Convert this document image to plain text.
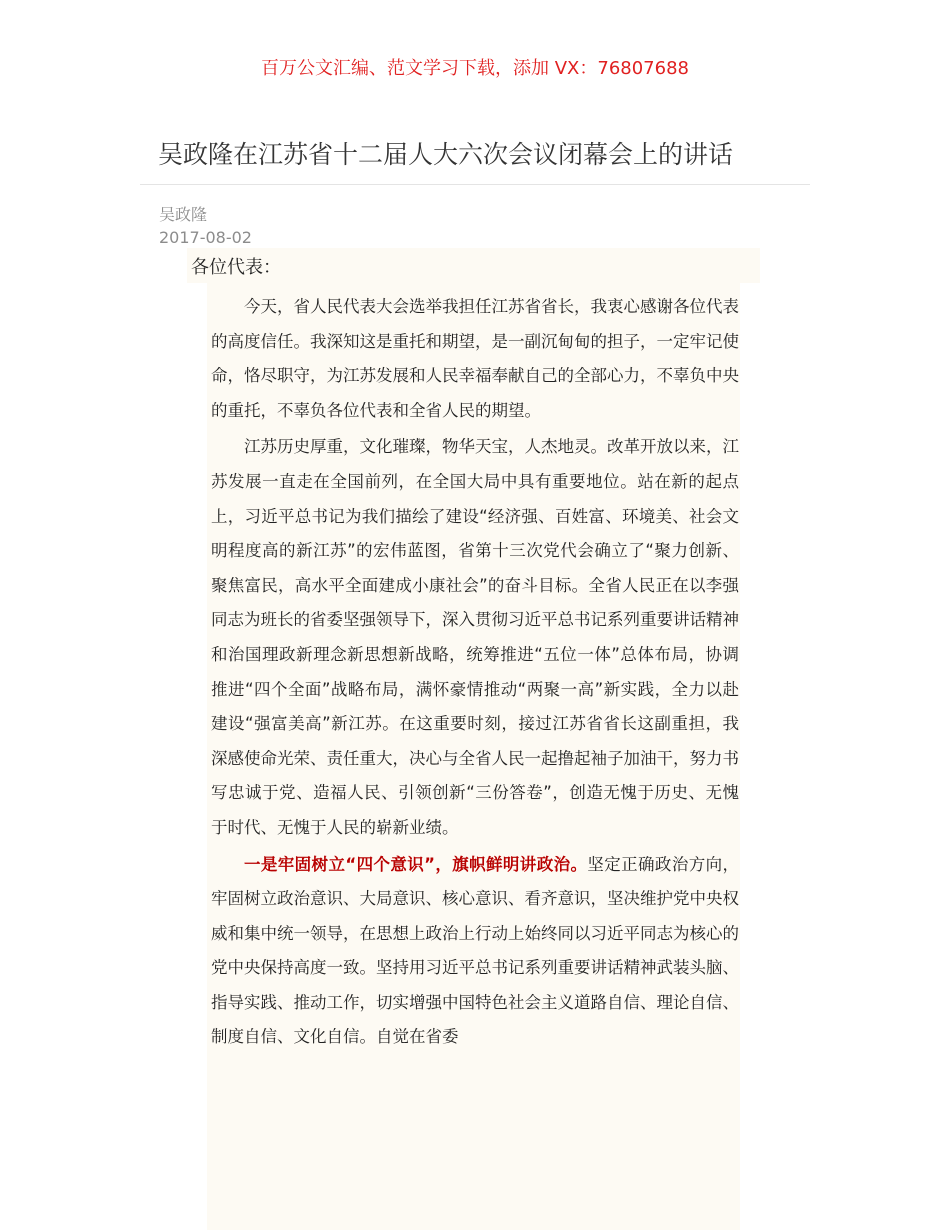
百万公文汇编、范文学习下载，添加 VX：76807688
吴政隆在江苏省十二届人大六次会议闭幕会上的讲话
吴政隆
2017-08-02
各位代表：

今天，省人民代表大会选举我担任江苏省省长，我衷心感谢各位代表的高度信任。我深知这是重托和期望，是一副沉甸甸的担子，一定牢记使命，恪尽职守，为江苏发展和人民幸福奉献自己的全部心力，不辜负中央的重托，不辜负各位代表和全省人民的期望。

江苏历史厚重，文化璀璨，物华天宝，人杰地灵。改革开放以来，江苏发展一直走在全国前列，在全国大局中具有重要地位。站在新的起点上，习近平总书记为我们描绘了建设“经济强、百姓富、环境美、社会文明程度高的新江苏”的宏伟蓝图，省第十三次党代会确立了“聚力创新、聚焦富民，高水平全面建成小康社会”的奋斗目标。全省人民正在以李强同志为班长的省委坚强领导下，深入贯彻习近平总书记系列重要讲话精神和治国理政新理念新思想新战略，统筹推进“五位一体”总体布局，协调推进“四个全面”战略布局，满怀豪情推动“两聚一高”新实践，全力以赴建设“强富美高”新江苏。在这重要时刻，接过江苏省省长这副重担，我深感使命光荣、责任重大，决心与全省人民一起撸起袖子加油干，努力书写忠诚于党、造福人民、引领创新“三份答卷”，创造无愧于历史、无愧于时代、无愧于人民的崭新业绩。

一是牢固树立“四个意识”，旗帜鲜明讲政治。坚定正确政治方向，牢固树立政治意识、大局意识、核心意识、看齐意识，坚决维护党中央权威和集中统一领导，在思想上政治上行动上始终同以习近平同志为核心的党中央保持高度一致。坚持用习近平总书记系列重要讲话精神武装头脑、指导实践、推动工作，切实增强中国特色社会主义道路自信、理论自信、制度自信、文化自信。自觉在省委
